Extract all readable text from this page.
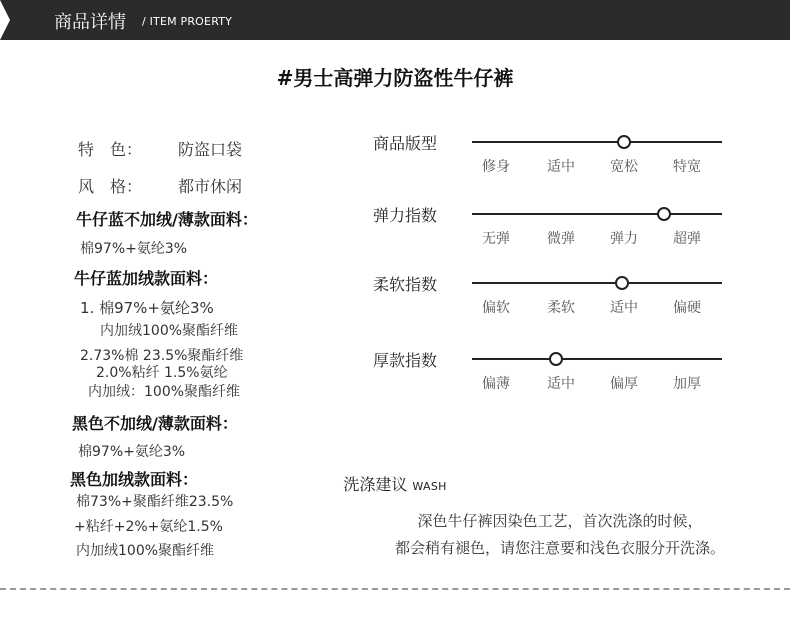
商品详情 / ITEM PROERTY
#男士高弹力防盗性牛仔裤
特　色： 防盗口袋
风　格： 都市休闲
牛仔蓝不加绒/薄款面料：
棉97%+氨纶3%
牛仔蓝加绒款面料：
1. 棉97%+氨纶3%
内加绒100%聚酯纤维
2.73%棉 23.5%聚酯纤维
2.0%粘纤 1.5%氨纶
内加绒：100%聚酯纤维
黑色不加绒/薄款面料：
棉97%+氨纶3%
黑色加绒款面料：
棉73%+聚酯纤维23.5%
+粘纤+2%+氨纶1.5%
内加绒100%聚酯纤维
商品版型
修身	适中	宽松	特宽
弹力指数
无弹	微弹	弹力	超弹
柔软指数
偏软	柔软	适中	偏硬
厚款指数
偏薄	适中	偏厚	加厚
洗涤建议 WASH
深色牛仔裤因染色工艺，首次洗涤的时候，
都会稍有褪色，请您注意要和浅色衣服分开洗涤。
